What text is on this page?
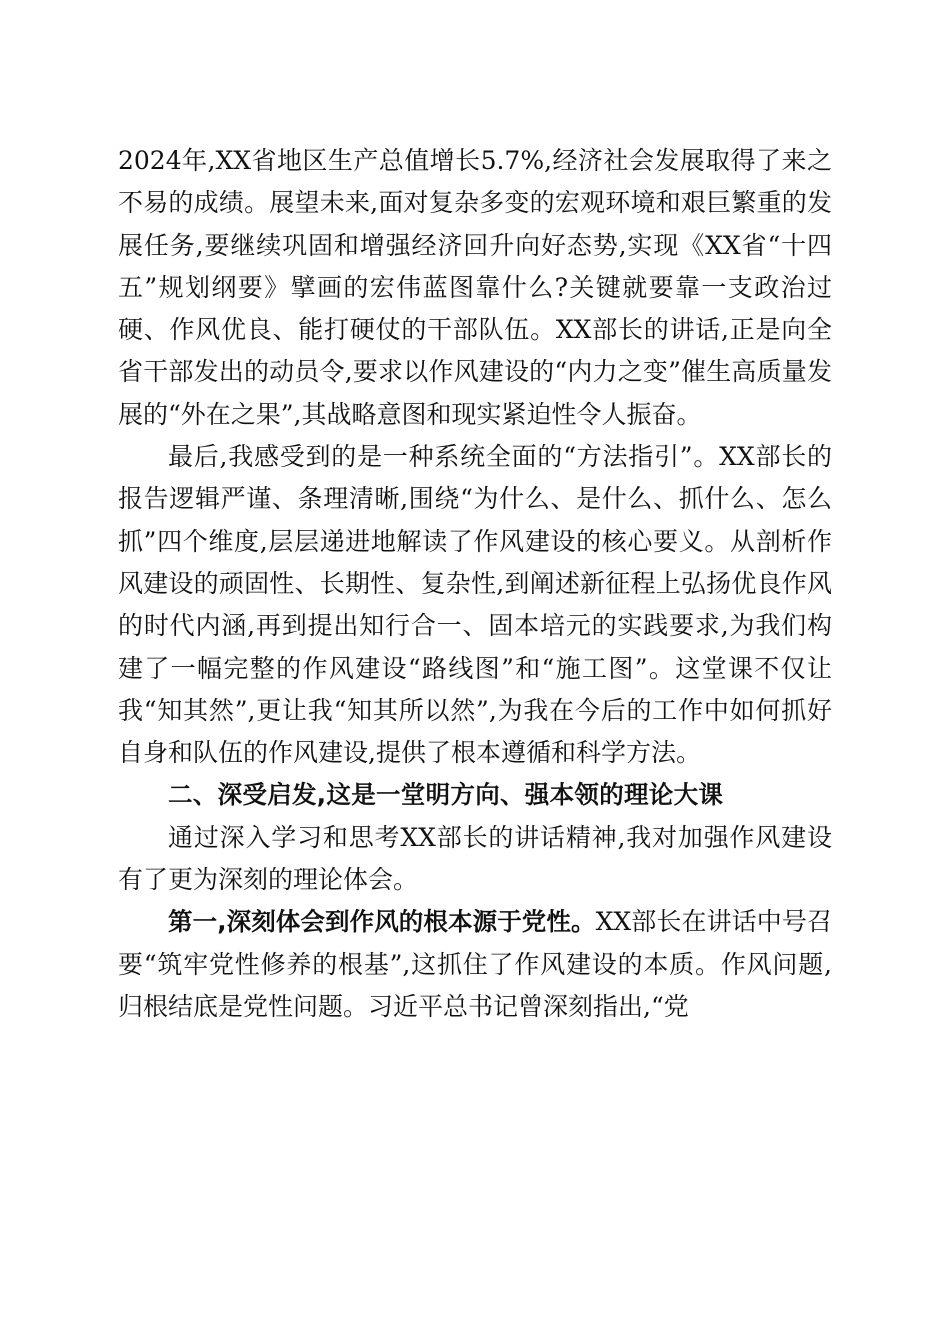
2024年,XX省地区生产总值增长5.7%,经济社会发展取得了来之不易的成绩。展望未来,面对复杂多变的宏观环境和艰巨繁重的发展任务,要继续巩固和增强经济回升向好态势,实现《XX省“十四五”规划纲要》擘画的宏伟蓝图靠什么?关键就要靠一支政治过硬、作风优良、能打硬仗的干部队伍。XX部长的讲话,正是向全省干部发出的动员令,要求以作风建设的“内力之变”催生高质量发展的“外在之果”,其战略意图和现实紧迫性令人振奋。

最后,我感受到的是一种系统全面的“方法指引”。XX部长的报告逻辑严谨、条理清晰,围绕“为什么、是什么、抓什么、怎么抓”四个维度,层层递进地解读了作风建设的核心要义。从剖析作风建设的顽固性、长期性、复杂性,到阐述新征程上弘扬优良作风的时代内涵,再到提出知行合一、固本培元的实践要求,为我们构建了一幅完整的作风建设“路线图”和“施工图”。这堂课不仅让我“知其然”,更让我“知其所以然”,为我在今后的工作中如何抓好自身和队伍的作风建设,提供了根本遵循和科学方法。

二、深受启发,这是一堂明方向、强本领的理论大课

通过深入学习和思考XX部长的讲话精神,我对加强作风建设有了更为深刻的理论体会。

第一,深刻体会到作风的根本源于党性。XX部长在讲话中号召要“筑牢党性修养的根基”,这抓住了作风建设的本质。作风问题,归根结底是党性问题。习近平总书记曾深刻指出,“党
